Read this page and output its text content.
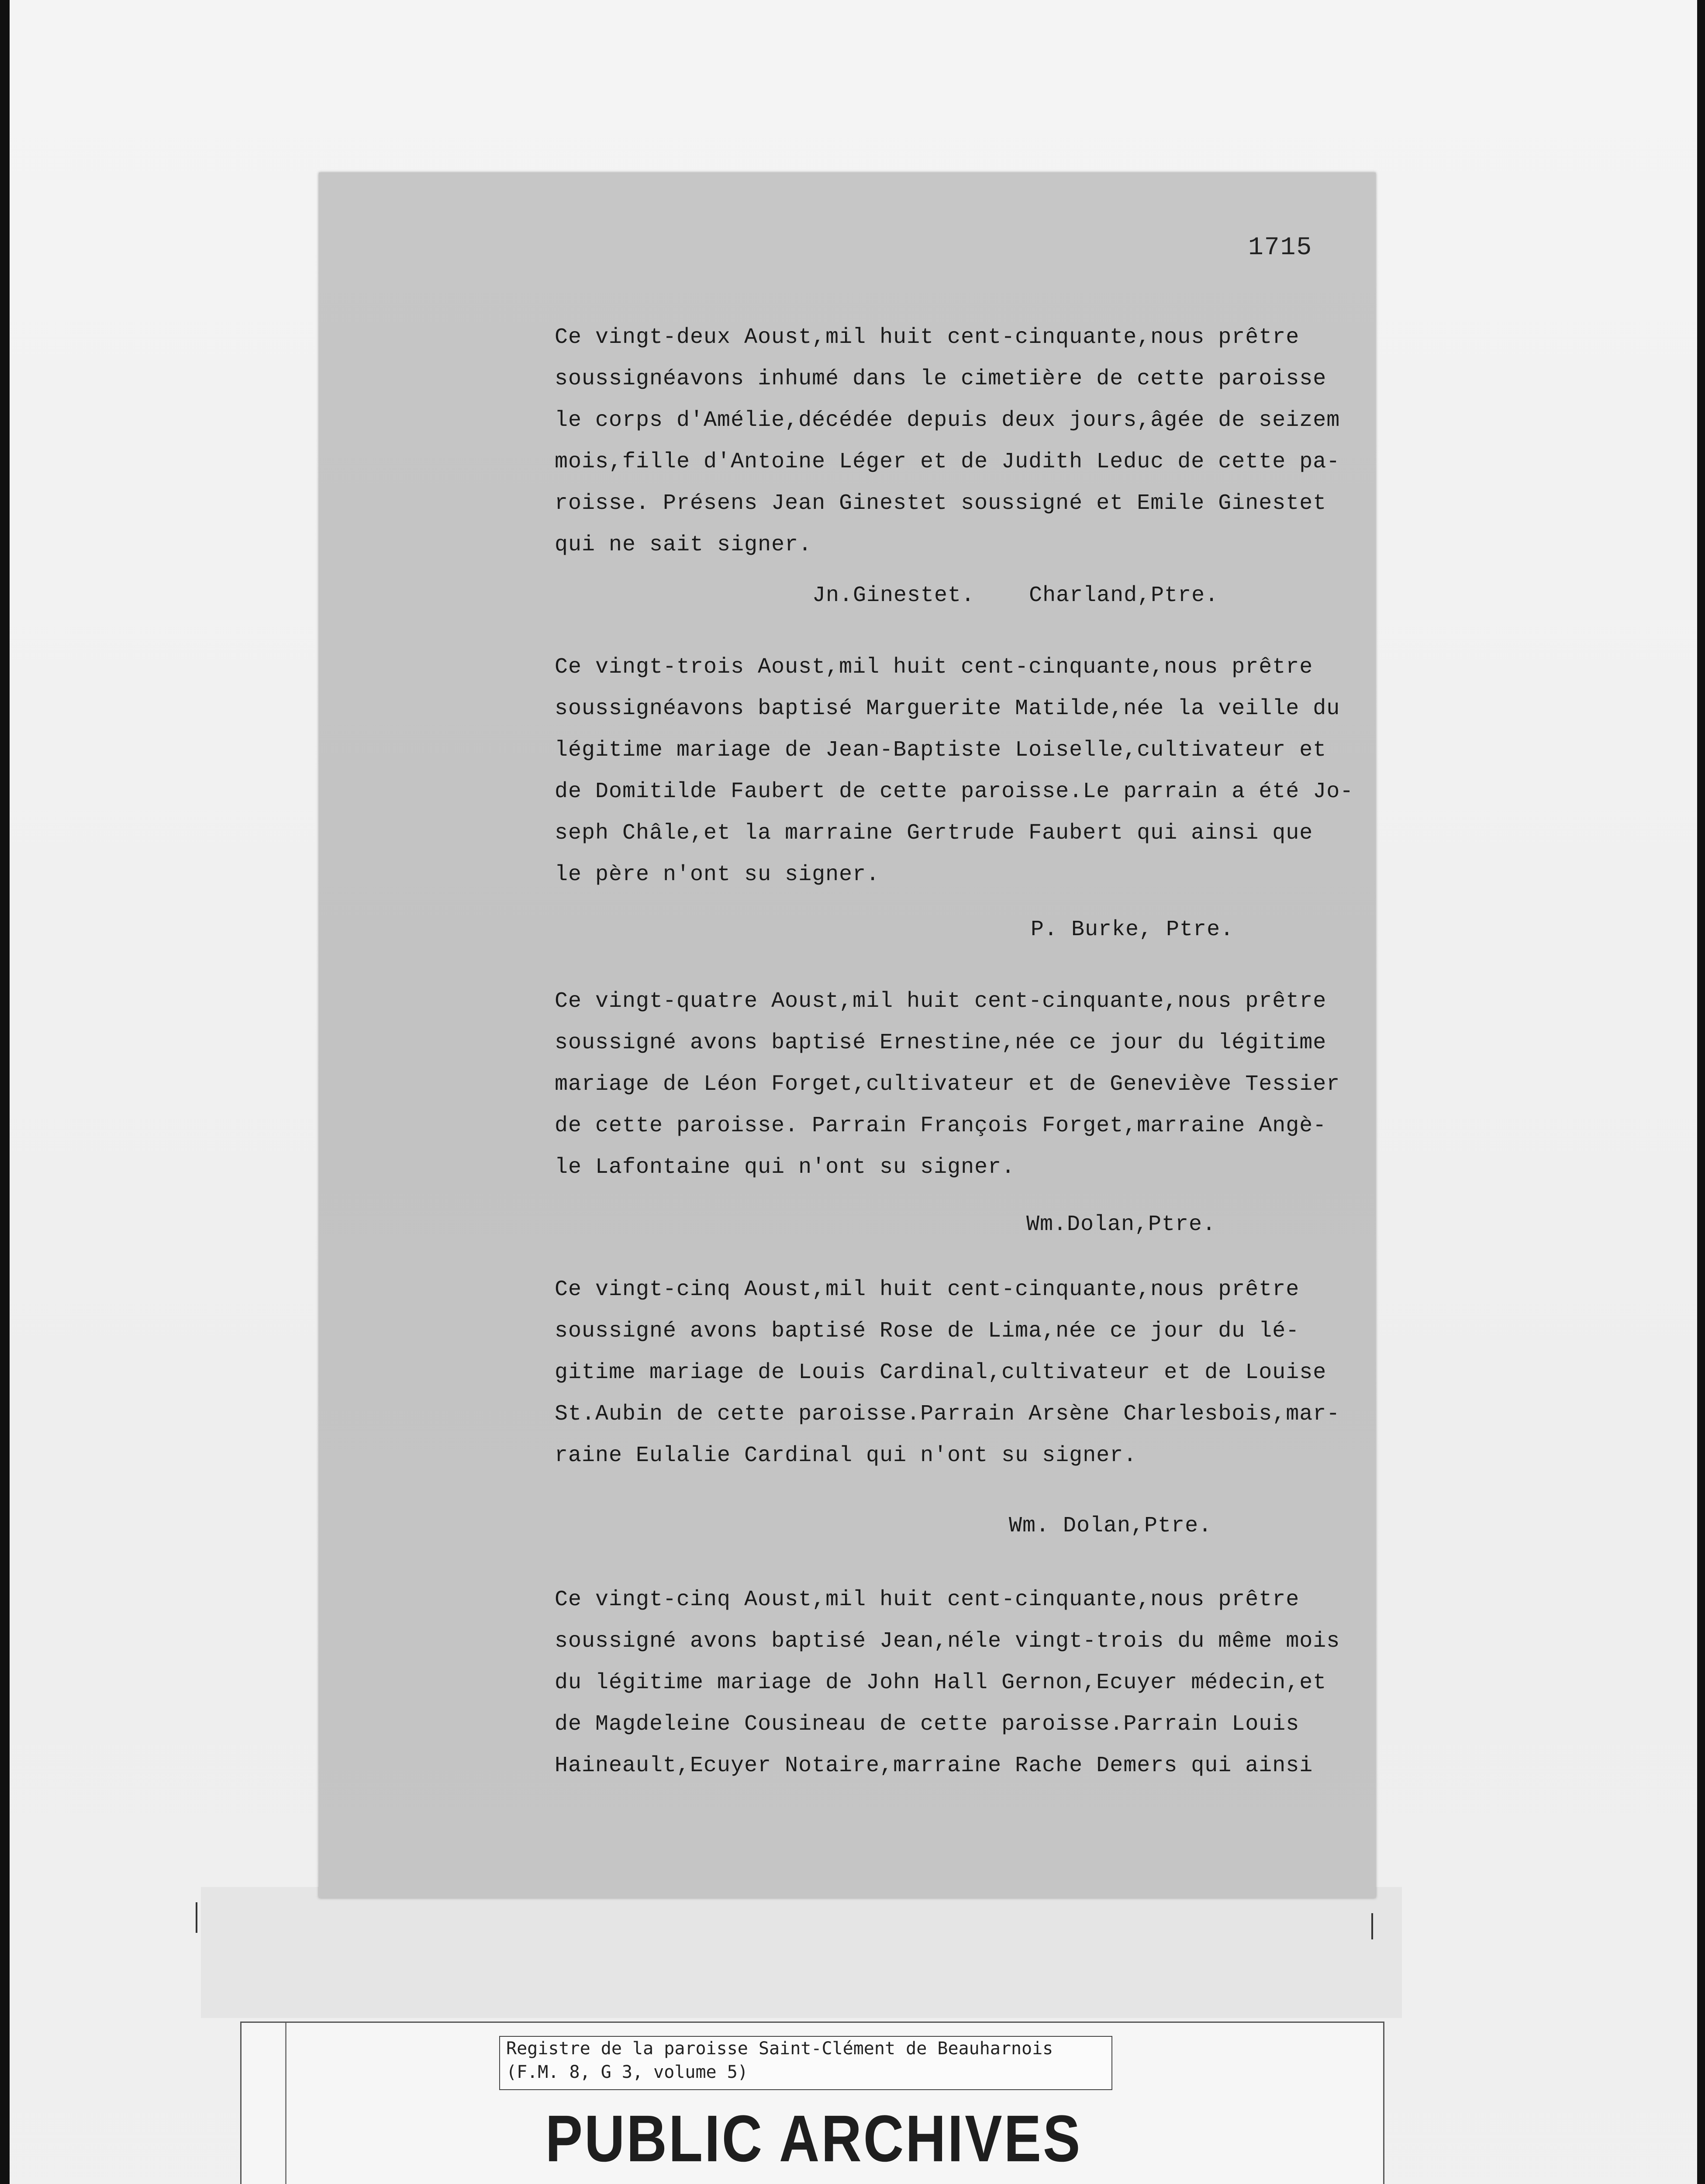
1715
Ce vingt-deux Aoust,mil huit cent-cinquante,nous prêtre
soussignéavons inhumé dans le cimetière de cette paroisse
le corps d'Amélie,décédée depuis deux jours,âgée de seizem
mois,fille d'Antoine Léger et de Judith Leduc de cette pa-
roisse. Présens Jean Ginestet soussigné et Emile Ginestet
qui ne sait signer.
Jn.Ginestet.    Charland,Ptre.
Ce vingt-trois Aoust,mil huit cent-cinquante,nous prêtre
soussignéavons baptisé Marguerite Matilde,née la veille du
légitime mariage de Jean-Baptiste Loiselle,cultivateur et
de Domitilde Faubert de cette paroisse.Le parrain a été Jo-
seph Châle,et la marraine Gertrude Faubert qui ainsi que
le père n'ont su signer.
P. Burke, Ptre.
Ce vingt-quatre Aoust,mil huit cent-cinquante,nous prêtre
soussigné avons baptisé Ernestine,née ce jour du légitime
mariage de Léon Forget,cultivateur et de Geneviève Tessier
de cette paroisse. Parrain François Forget,marraine Angè-
le Lafontaine qui n'ont su signer.
Wm.Dolan,Ptre.
Ce vingt-cinq Aoust,mil huit cent-cinquante,nous prêtre
soussigné avons baptisé Rose de Lima,née ce jour du lé-
gitime mariage de Louis Cardinal,cultivateur et de Louise
St.Aubin de cette paroisse.Parrain Arsène Charlesbois,mar-
raine Eulalie Cardinal qui n'ont su signer.
Wm. Dolan,Ptre.
Ce vingt-cinq Aoust,mil huit cent-cinquante,nous prêtre
soussigné avons baptisé Jean,néle vingt-trois du même mois
du légitime mariage de John Hall Gernon,Ecuyer médecin,et
de Magdeleine Cousineau de cette paroisse.Parrain Louis
Haineault,Ecuyer Notaire,marraine Rache Demers qui ainsi
Registre de la paroisse Saint-Clément de Beauharnois
(F.M. 8, G 3, volume 5)
PUBLIC ARCHIVES
